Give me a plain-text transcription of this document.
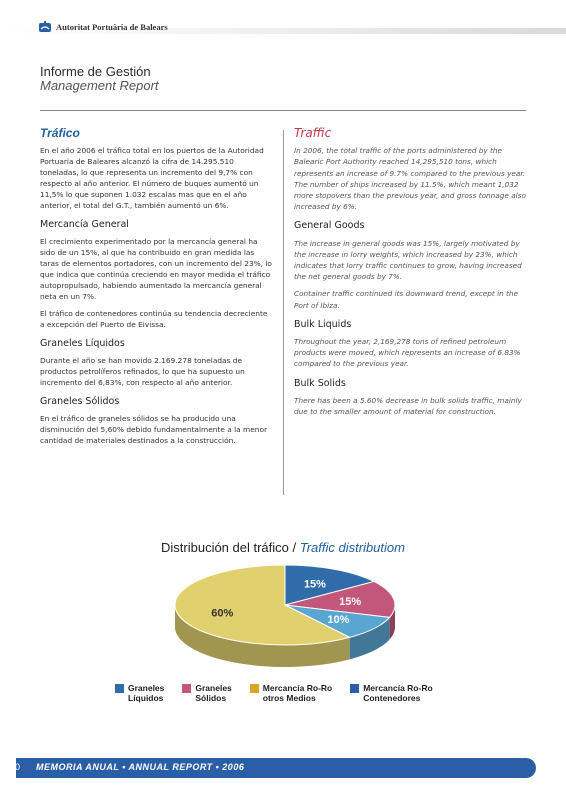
Autoritat Portuària de Balears
Informe de Gestión
Management Report
Tráfico

En el año 2006 el tráfico total en los puertos de la Autoridad Portuaria de Baleares alcanzó la cifra de 14.295.510 toneladas, lo que representa un incremento del 9,7% con respecto al año anterior. El número de buques aumentó un 11,5% lo que suponen 1.032 escalas mas que en el año anterior, el total del G.T., también aumentó un 6%.

Mercancía General

El crecimiento experimentado por la mercancía general ha sido de un 15%, al que ha contribuido en gran medida las taras de elementos portadores, con un incremento del 23%, lo que indica que continúa creciendo en mayor medida el tráfico autopropulsado, habiendo aumentado la mercancía general neta en un 7%.

El tráfico de contenedores continúa su tendencia decreciente a excepción del Puerto de Eivissa.

Graneles Líquidos

Durante el año se han movido 2.169.278 toneladas de productos petrolíferos refinados, lo que ha supuesto un incremento del 6,83%, con respecto al año anterior.

Graneles Sólidos

En el tráfico de graneles sólidos se ha producido una disminución del 5,60% debido fundamentalmente a la menor cantidad de materiales destinados a la construcción.

Traffic

In 2006, the total traffic of the ports administered by the Balearic Port Authority reached 14,295,510 tons, which represents an increase of 9.7% compared to the previous year. The number of ships increased by 11.5%, which meant 1,032 more stopovers than the previous year, and gross tonnage also increased by 6%.

General Goods

The increase in general goods was 15%, largely motivated by the increase in lorry weights, which increased by 23%, which indicates that lorry traffic continues to grow, having increased the net general goods by 7%.

Container traffic continued its downward trend, except in the Port of Ibiza.

Bulk Liquids

Throughout the year, 2,169,278 tons of refined petroleum products were moved, which represents an increase of 6.83% compared to the previous year.

Bulk Solids

There has been a 5.60% decrease in bulk solids traffic, mainly due to the smaller amount of material for construction.

Distribución del tráfico / Traffic distributiom
15%
15%
10%
60%
Graneles
Líquidos
Graneles
Sólidos
Mercancía Ro-Ro
otros Medios
Mercancía Ro-Ro
Contenedores
20	MEMORIA ANUAL • ANNUAL REPORT • 2006
